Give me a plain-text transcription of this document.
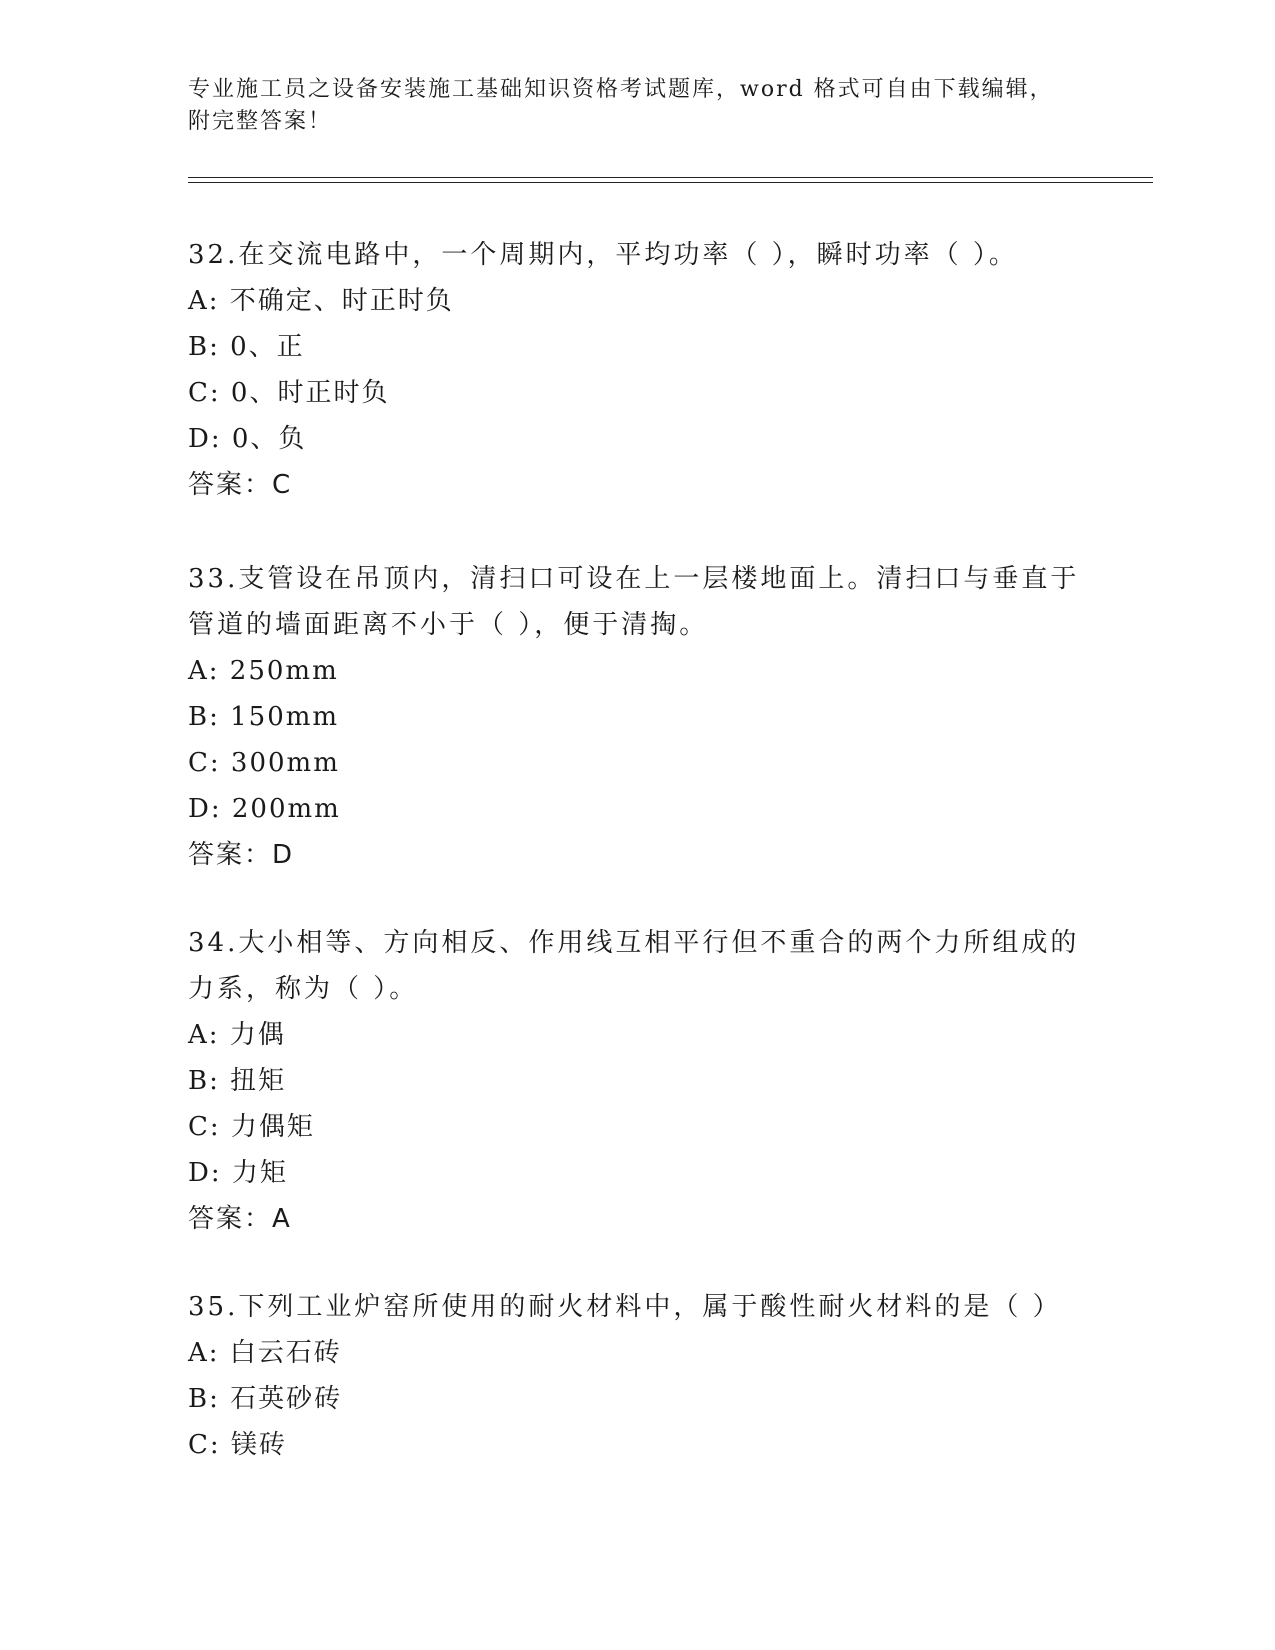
专业施工员之设备安装施工基础知识资格考试题库，word 格式可自由下载编辑，
附完整答案！
32.在交流电路中，一个周期内，平均功率（ ），瞬时功率（ ）。
A: 不确定、时正时负
B: 0、正
C: 0、时正时负
D: 0、负
答案：C
33.支管设在吊顶内，清扫口可设在上一层楼地面上。清扫口与垂直于
管道的墙面距离不小于（ ），便于清掏。
A: 250mm
B: 150mm
C: 300mm
D: 200mm
答案：D
34.大小相等、方向相反、作用线互相平行但不重合的两个力所组成的
力系，称为（ ）。
A: 力偶
B: 扭矩
C: 力偶矩
D: 力矩
答案：A
35.下列工业炉窑所使用的耐火材料中，属于酸性耐火材料的是（ ）
A: 白云石砖
B: 石英砂砖
C: 镁砖
